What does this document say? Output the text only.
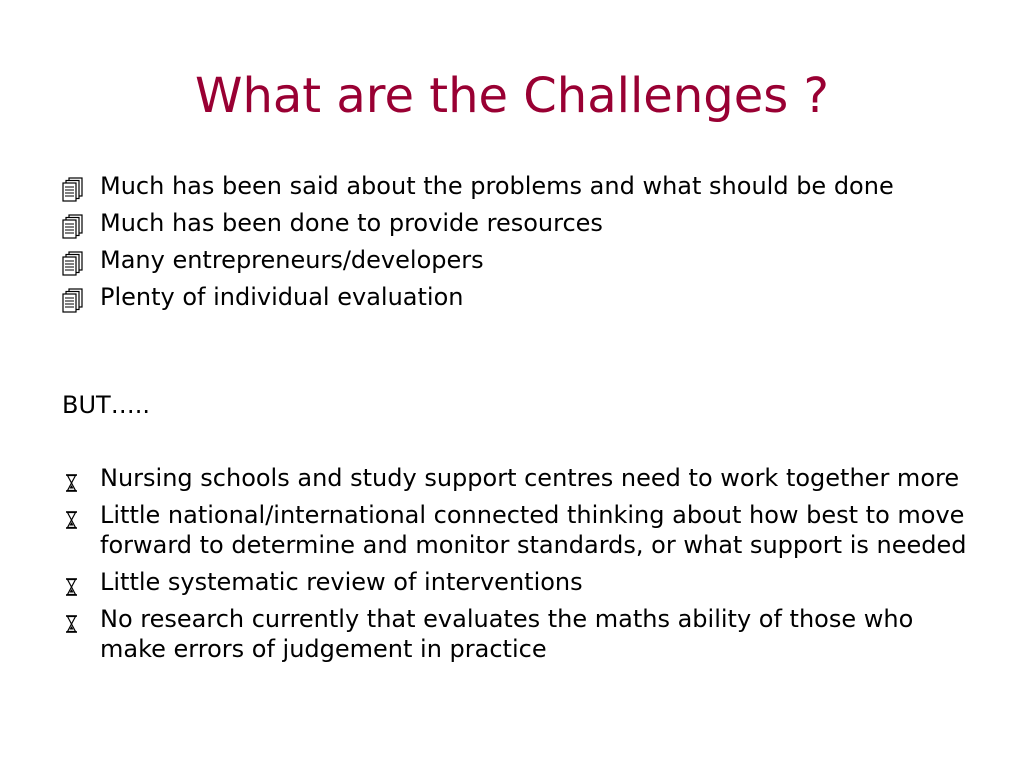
What are the Challenges ?
Much has been said about the problems and what should be done
Much has been done to provide resources
Many entrepreneurs/developers
Plenty of individual evaluation

BUT…..

Nursing schools and study support centres need to work together more
Little national/international connected thinking about how best to move forward to determine and monitor standards, or what support is needed
Little systematic review of interventions
No research currently that evaluates the maths ability of those who make errors of judgement in practice
